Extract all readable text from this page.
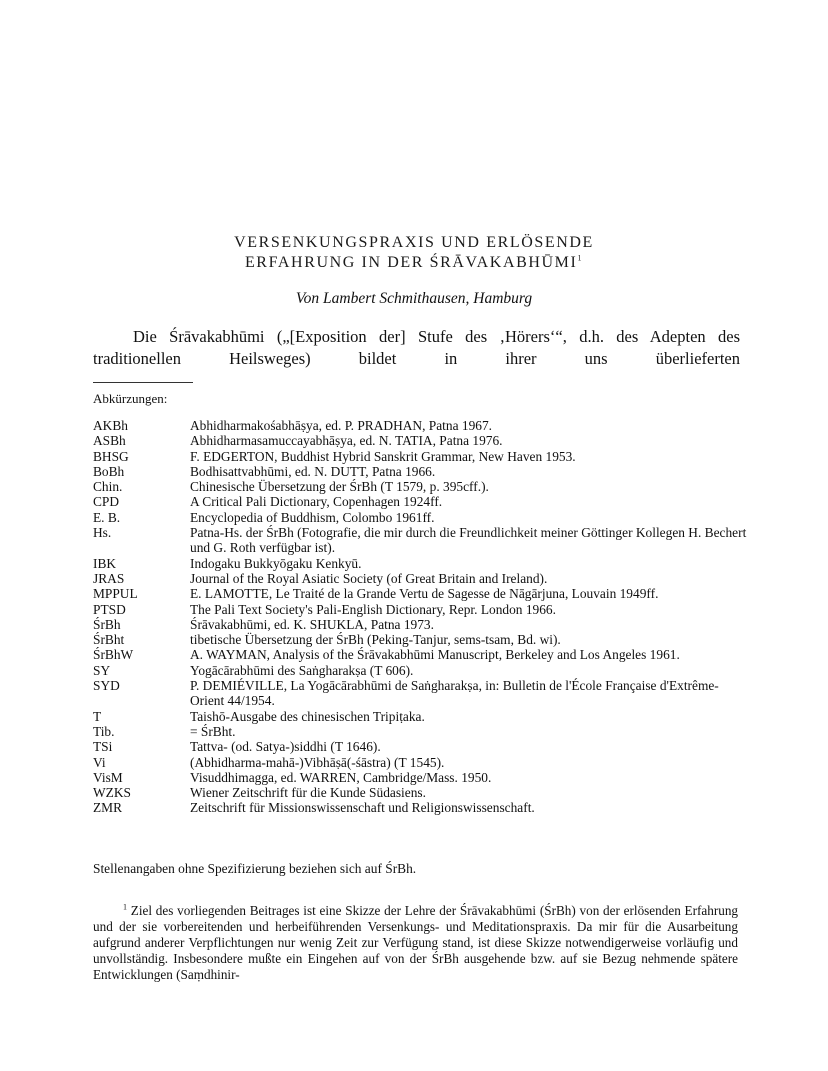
VERSENKUNGSPRAXIS UND ERLÖSENDE
ERFAHRUNG IN DER ŚRĀVAKABHŪMI$^1$
Von Lambert Schmithausen, Hamburg
Die Śrāvakabhūmi („[Exposition der] Stufe des ‚Hörers‘“, d.h. des Adepten des traditionellen Heilsweges) bildet in ihrer uns überlieferten
Abkürzungen:
AKBh	Abhidharmakośabhāṣya, ed. P. PRADHAN, Patna 1967.
ASBh	Abhidharmasamuccayabhāṣya, ed. N. TATIA, Patna 1976.
BHSG	F. EDGERTON, Buddhist Hybrid Sanskrit Grammar, New Haven 1953.
BoBh	Bodhisattvabhūmi, ed. N. DUTT, Patna 1966.
Chin.	Chinesische Übersetzung der ŚrBh (T 1579, p. 395cff.).
CPD	A Critical Pali Dictionary, Copenhagen 1924ff.
E. B.	Encyclopedia of Buddhism, Colombo 1961ff.
Hs.	Patna-Hs. der ŚrBh (Fotografie, die mir durch die Freundlichkeit meiner Göttinger Kollegen H. Bechert und G. Roth verfügbar ist).
IBK	Indogaku Bukkyōgaku Kenkyū.
JRAS	Journal of the Royal Asiatic Society (of Great Britain and Ireland).
MPPUL	E. LAMOTTE, Le Traité de la Grande Vertu de Sagesse de Nāgārjuna, Louvain 1949ff.
PTSD	The Pali Text Society's Pali-English Dictionary, Repr. London 1966.
ŚrBh	Śrāvakabhūmi, ed. K. SHUKLA, Patna 1973.
ŚrBht	tibetische Übersetzung der ŚrBh (Peking-Tanjur, sems-tsam, Bd. wi).
ŚrBhW	A. WAYMAN, Analysis of the Śrāvakabhūmi Manuscript, Berkeley and Los Angeles 1961.
SY	Yogācārabhūmi des Saṅgharakṣa (T 606).
SYD	P. DEMIÉVILLE, La Yogācārabhūmi de Saṅgharakṣa, in: Bulletin de l'École Française d'Extrême-Orient 44/1954.
T	Taishō-Ausgabe des chinesischen Tripiṭaka.
Tib.	= ŚrBht.
TSi	Tattva- (od. Satya-)siddhi (T 1646).
Vi	(Abhidharma-mahā-)Vibhāṣā(-śāstra) (T 1545).
VisM	Visuddhimagga, ed. WARREN, Cambridge/Mass. 1950.
WZKS	Wiener Zeitschrift für die Kunde Südasiens.
ZMR	Zeitschrift für Missionswissenschaft und Religionswissenschaft.
Stellenangaben ohne Spezifizierung beziehen sich auf ŚrBh.
$^1$ Ziel des vorliegenden Beitrages ist eine Skizze der Lehre der Śrāvakabhūmi (ŚrBh) von der erlösenden Erfahrung und der sie vorbereitenden und herbeiführenden Versenkungs- und Meditationspraxis. Da mir für die Ausarbeitung aufgrund anderer Verpflichtungen nur wenig Zeit zur Verfügung stand, ist diese Skizze notwendigerweise vorläufig und unvollständig. Insbesondere mußte ein Eingehen auf von der ŚrBh ausgehende bzw. auf sie Bezug nehmende spätere Entwicklungen (Saṃdhinir-
